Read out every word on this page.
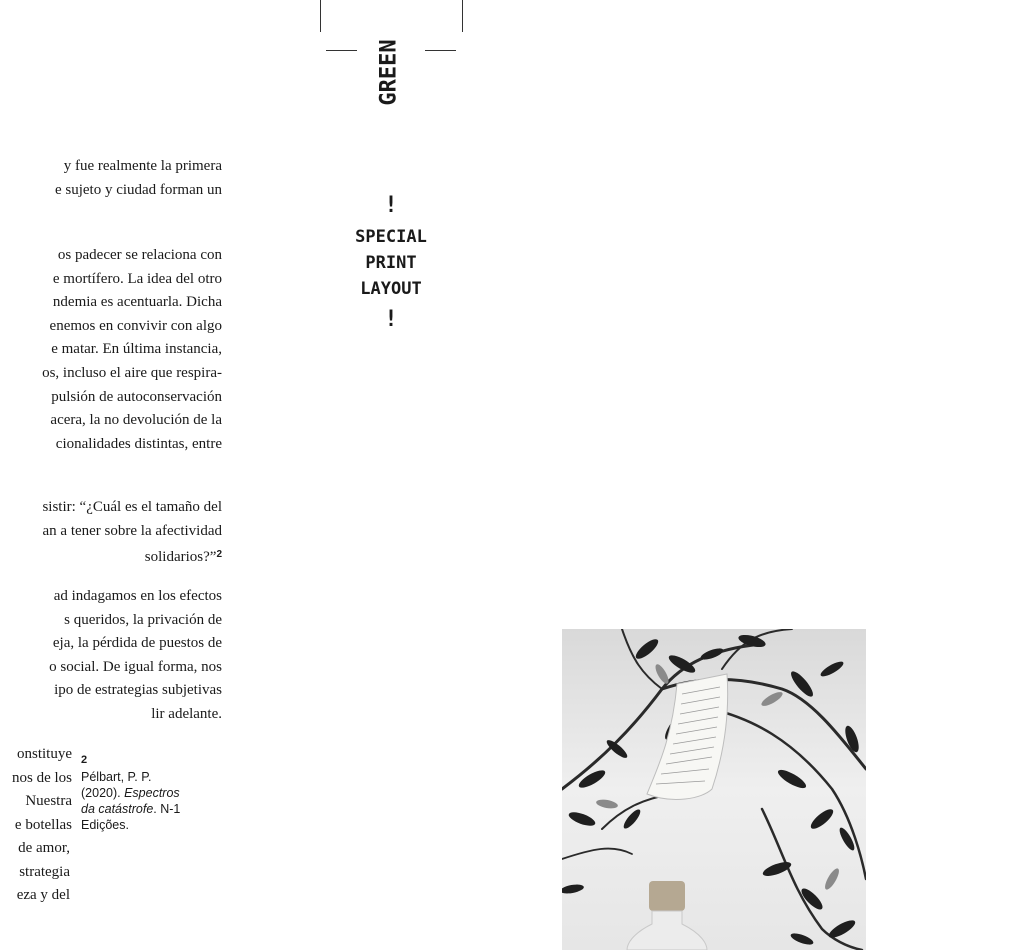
y fue realmente la primera
e sujeto y ciudad forman un
os padecer se relaciona con
e mortífero. La idea del otro
ndemia es acentuarla. Dicha
enemos en convivir con algo
e matar. En última instancia,
os, incluso el aire que respira-
pulsión de autoconservación
acera, la no devolución de la
cionalidades distintas, entre
sistir: “¿Cuál es el tamaño del
an a tener sobre la afectividad
solidarios?”$^2$
ad indagamos en los efectos
s queridos, la privación de
eja, la pérdida de puestos de
o social. De igual forma, nos
ipo de estrategias subjetivas
lir adelante.
onstituye
nos de los
Nuestra
e botellas
de amor,
strategia
eza y del
2
Pélbart, P. P.
(2020). Espectros
da catástrofe. N-1
Edições.
GREEN
!
SPECIAL
PRINT
LAYOUT
!
